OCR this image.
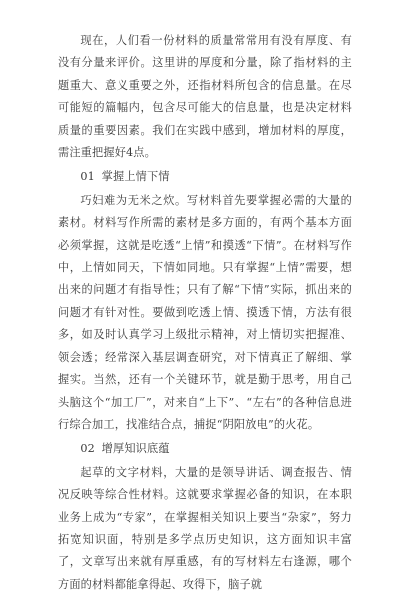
现在，人们看一份材料的质量常常用有没有厚度、有没有分量来评价。这里讲的厚度和分量，除了指材料的主题重大、意义重要之外，还指材料所包含的信息量。在尽可能短的篇幅内，包含尽可能大的信息量，也是决定材料质量的重要因素。我们在实践中感到，增加材料的厚度，需注重把握好4点。

01 掌握上情下情

巧妇难为无米之炊。写材料首先要掌握必需的大量的素材。材料写作所需的素材是多方面的，有两个基本方面必须掌握，这就是吃透“上情”和摸透“下情”。在材料写作中，上情如同天，下情如同地。只有掌握“上情”需要，想出来的问题才有指导性；只有了解“下情”实际，抓出来的问题才有针对性。要做到吃透上情、摸透下情，方法有很多，如及时认真学习上级批示精神，对上情切实把握准、领会透；经常深入基层调查研究，对下情真正了解细、掌握实。当然，还有一个关键环节，就是勤于思考，用自己头脑这个“加工厂”，对来自“上下”、“左右”的各种信息进行综合加工，找准结合点，捕捉“阴阳放电”的火花。

02 增厚知识底蕴

起草的文字材料，大量的是领导讲话、调查报告、情况反映等综合性材料。这就要求掌握必备的知识，在本职业务上成为“专家”，在掌握相关知识上要当“杂家”，努力拓宽知识面，特别是多学点历史知识，这方面知识丰富了，文章写出来就有厚重感，有的写材料左右逢源，哪个方面的材料都能拿得起、攻得下，脑子就
